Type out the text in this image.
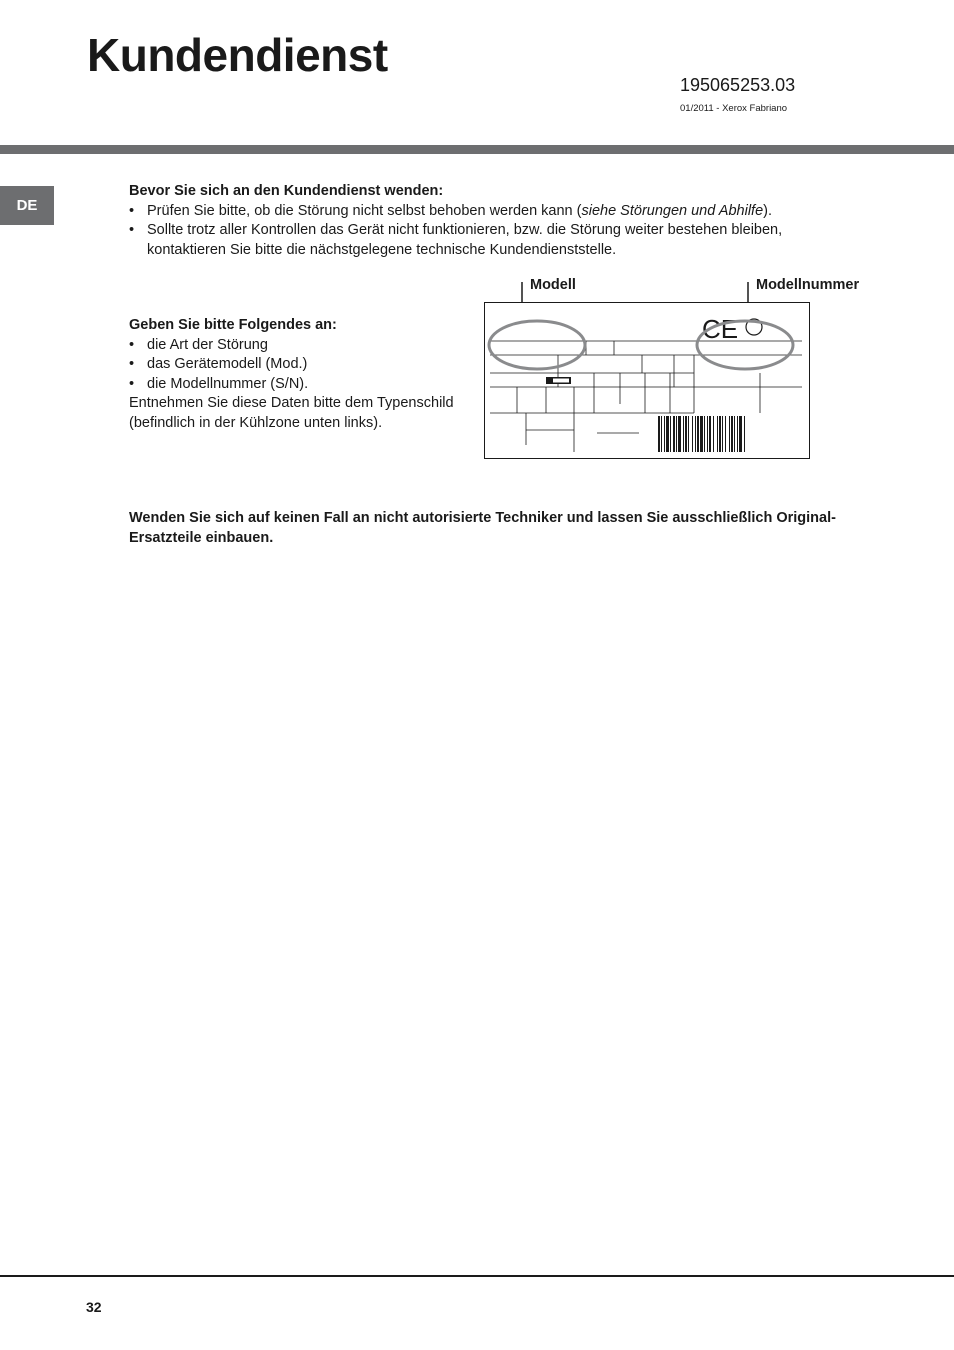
Kundendienst
195065253.03
01/2011 - Xerox Fabriano
DE
Bevor Sie sich an den Kundendienst wenden:
• Prüfen Sie bitte, ob die Störung nicht selbst behoben werden kann (siehe Störungen und Abhilfe).
• Sollte trotz aller Kontrollen das Gerät nicht funktionieren, bzw. die Störung weiter bestehen bleiben, kontaktieren Sie bitte die nächstgelegene technische Kundendienststelle.
Geben Sie bitte Folgendes an:
• die Art der Störung
• das Gerätemodell (Mod.)
• die Modellnummer (S/N).
Entnehmen Sie diese Daten bitte dem Typenschild (befindlich in der Kühlzone unten links).
Modell	Modellnummer
CE
Wenden Sie sich auf keinen Fall an nicht autorisierte Techniker und lassen Sie ausschließlich Original-Ersatzteile einbauen.
32
